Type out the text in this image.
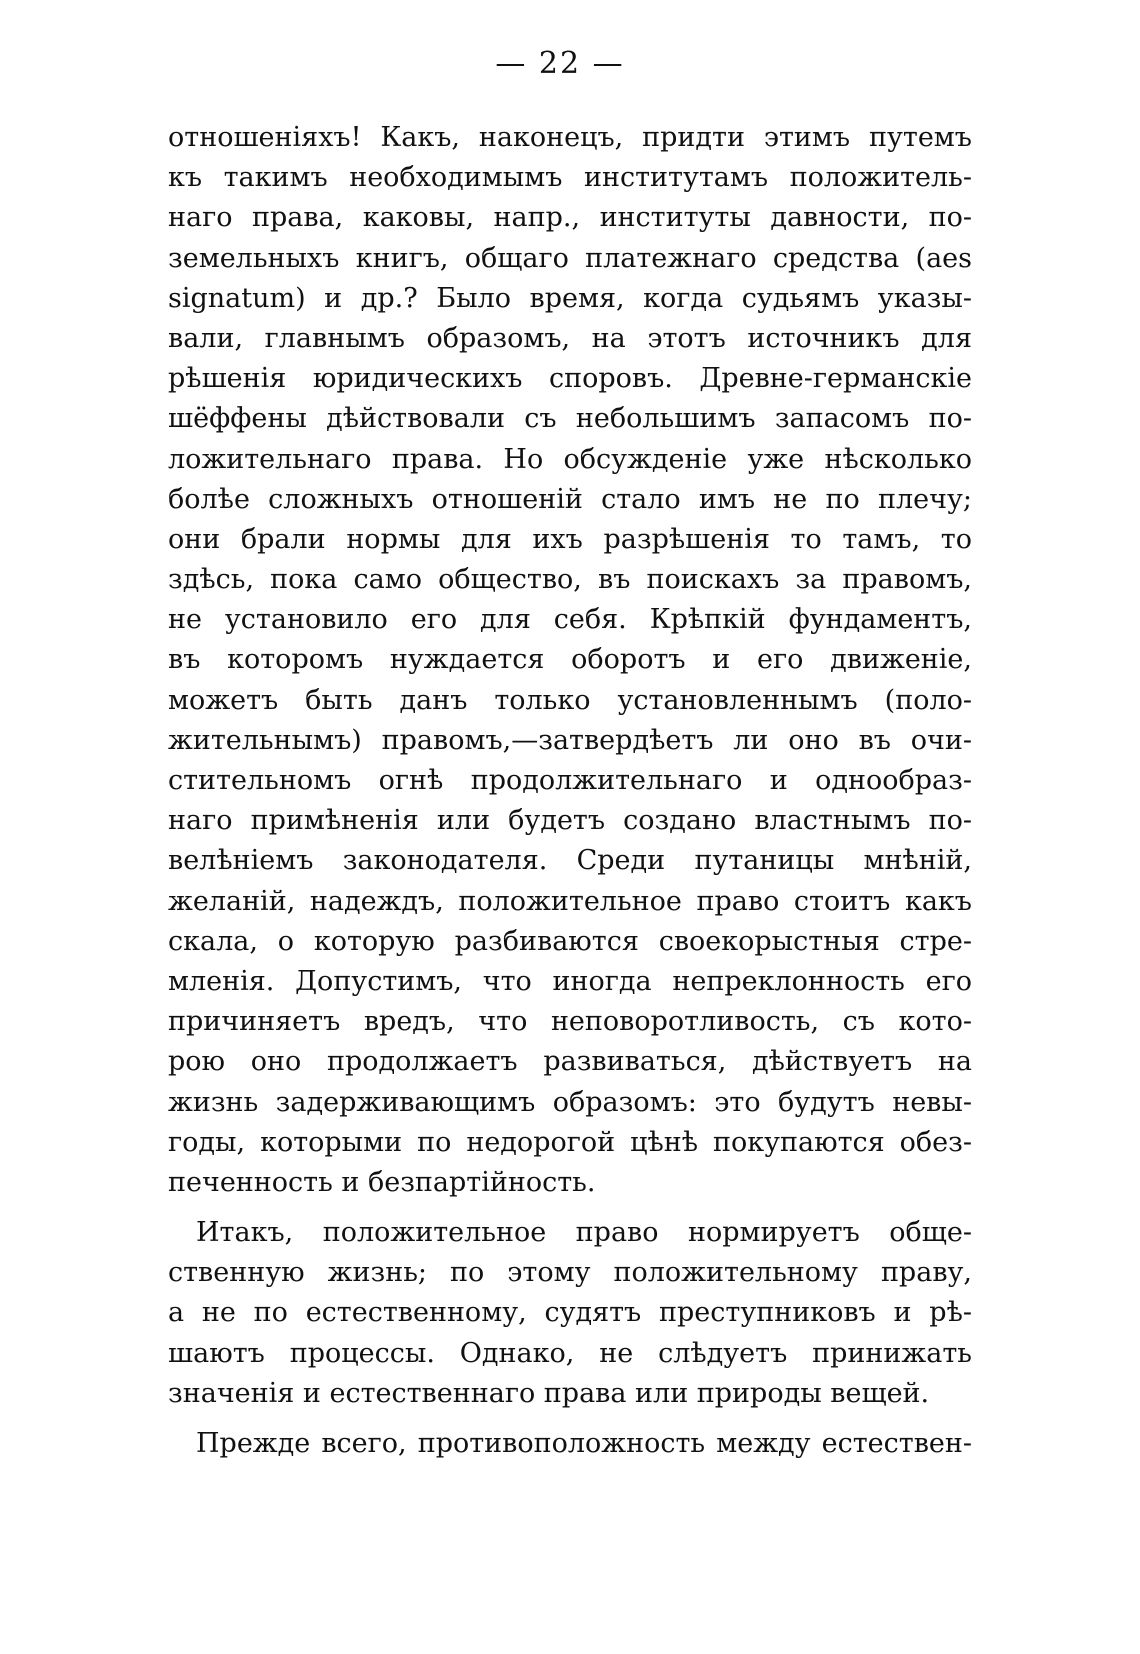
— 22 —
отношеніяхъ! Какъ, наконецъ, придти этимъ путемъ
къ такимъ необходимымъ институтамъ положитель-
наго права, каковы, напр., институты давности, по-
земельныхъ книгъ, общаго платежнаго средства (aes
signatum) и др.? Было время, когда судьямъ указы-
вали, главнымъ образомъ, на этотъ источникъ для
рѣшенія юридическихъ споровъ. Древне-германскіе
шёффены дѣйствовали съ небольшимъ запасомъ по-
ложительнаго права. Но обсужденіе уже нѣсколько
болѣе сложныхъ отношеній стало имъ не по плечу;
они брали нормы для ихъ разрѣшенія то тамъ, то
здѣсь, пока само общество, въ поискахъ за правомъ,
не установило его для себя. Крѣпкій фундаментъ,
въ которомъ нуждается оборотъ и его движеніе,
можетъ быть данъ только установленнымъ (поло-
жительнымъ) правомъ,—затвердѣетъ ли оно въ очи-
стительномъ огнѣ продолжительнаго и однообраз-
наго примѣненія или будетъ создано властнымъ по-
велѣніемъ законодателя. Среди путаницы мнѣній,
желаній, надеждъ, положительное право стоитъ какъ
скала, о которую разбиваются своекорыстныя стре-
мленія. Допустимъ, что иногда непреклонность его
причиняетъ вредъ, что неповоротливость, съ кото-
рою оно продолжаетъ развиваться, дѣйствуетъ на
жизнь задерживающимъ образомъ: это будутъ невы-
годы, которыми по недорогой цѣнѣ покупаются обез-
печенность и безпартійность.
Итакъ, положительное право нормируетъ обще-
ственную жизнь; по этому положительному праву,
а не по естественному, судятъ преступниковъ и рѣ-
шаютъ процессы. Однако, не слѣдуетъ принижать
значенія и естественнаго права или природы вещей.
Прежде всего, противоположность между естествен-
